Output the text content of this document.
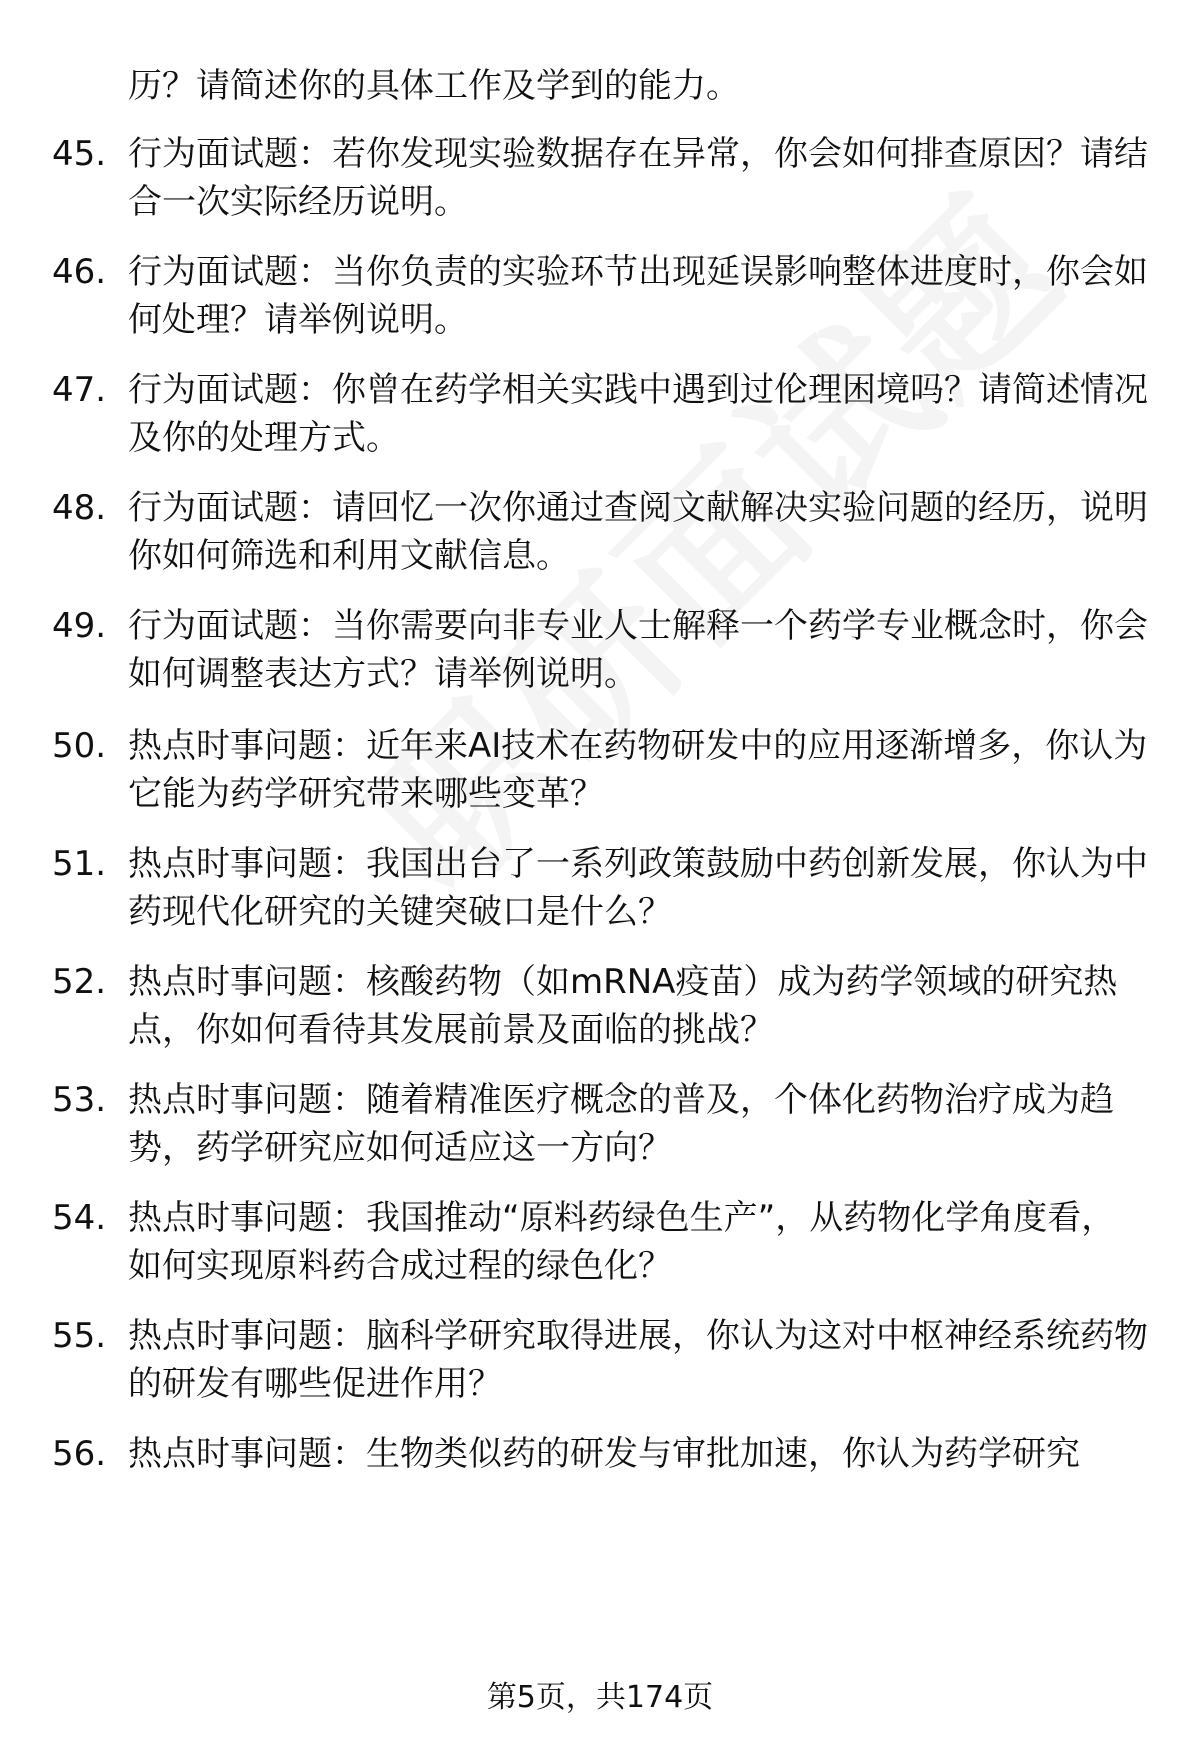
历？请简述你的具体工作及学到的能力。
45. 行为面试题：若你发现实验数据存在异常，你会如何排查原因？请结合一次实际经历说明。
46. 行为面试题：当你负责的实验环节出现延误影响整体进度时，你会如何处理？请举例说明。
47. 行为面试题：你曾在药学相关实践中遇到过伦理困境吗？请简述情况及你的处理方式。
48. 行为面试题：请回忆一次你通过查阅文献解决实验问题的经历，说明你如何筛选和利用文献信息。
49. 行为面试题：当你需要向非专业人士解释一个药学专业概念时，你会如何调整表达方式？请举例说明。
50. 热点时事问题：近年来AI技术在药物研发中的应用逐渐增多，你认为它能为药学研究带来哪些变革？
51. 热点时事问题：我国出台了一系列政策鼓励中药创新发展，你认为中药现代化研究的关键突破口是什么？
52. 热点时事问题：核酸药物（如mRNA疫苗）成为药学领域的研究热点，你如何看待其发展前景及面临的挑战？
53. 热点时事问题：随着精准医疗概念的普及，个体化药物治疗成为趋势，药学研究应如何适应这一方向？
54. 热点时事问题：我国推动“原料药绿色生产”，从药物化学角度看，如何实现原料药合成过程的绿色化？
55. 热点时事问题：脑科学研究取得进展，你认为这对中枢神经系统药物的研发有哪些促进作用？
56. 热点时事问题：生物类似药的研发与审批加速，你认为药学研究
第5页，共174页
